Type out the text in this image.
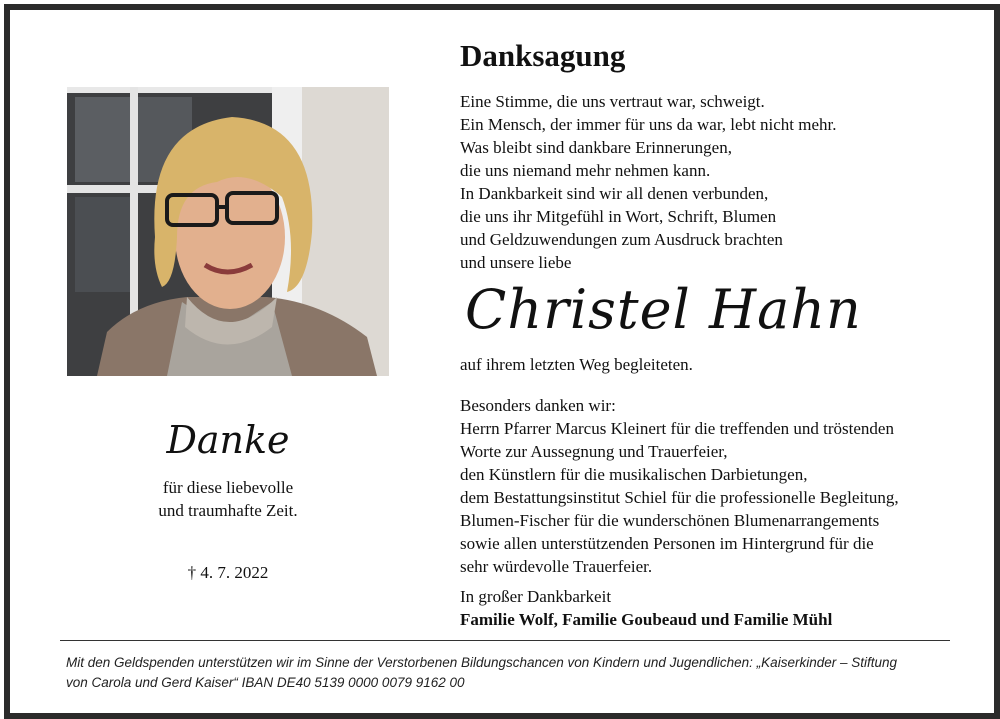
Danke
für diese liebevolle
und traumhafte Zeit.
† 4. 7. 2022
Danksagung
Eine Stimme, die uns vertraut war, schweigt.
Ein Mensch, der immer für uns da war, lebt nicht mehr.
Was bleibt sind dankbare Erinnerungen,
die uns niemand mehr nehmen kann.
In Dankbarkeit sind wir all denen verbunden,
die uns ihr Mitgefühl in Wort, Schrift, Blumen
und Geldzuwendungen zum Ausdruck brachten
und unsere liebe
Christel Hahn
auf ihrem letzten Weg begleiteten.
Besonders danken wir:
Herrn Pfarrer Marcus Kleinert für die treffenden und tröstenden
Worte zur Aussegnung und Trauerfeier,
den Künstlern für die musikalischen Darbietungen,
dem Bestattungsinstitut Schiel für die professionelle Begleitung,
Blumen-Fischer für die wunderschönen Blumenarrangements
sowie allen unterstützenden Personen im Hintergrund für die
sehr würdevolle Trauerfeier.
In großer Dankbarkeit
Familie Wolf, Familie Goubeaud und Familie Mühl
Mit den Geldspenden unterstützen wir im Sinne der Verstorbenen Bildungschancen von Kindern und Jugendlichen: „Kaiserkinder – Stiftung
von Carola und Gerd Kaiser“ IBAN DE40 5139 0000 0079 9162 00
